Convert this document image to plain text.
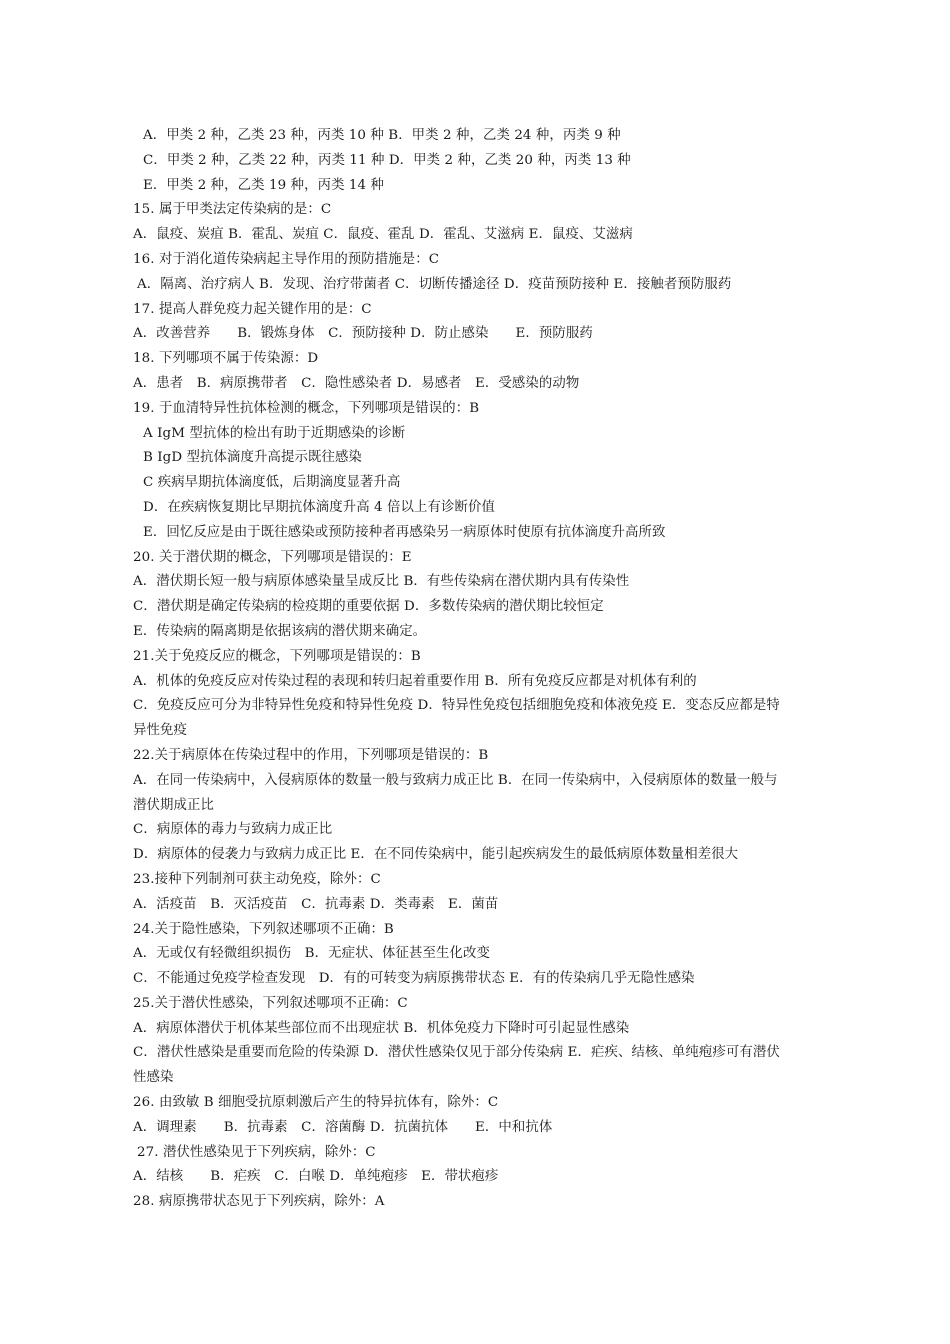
A．甲类 2 种，乙类 23 种，丙类 10 种 B．甲类 2 种，乙类 24 种，丙类 9 种
C．甲类 2 种，乙类 22 种，丙类 11 种 D．甲类 2 种，乙类 20 种，丙类 13 种
E．甲类 2 种，乙类 19 种，丙类 14 种
15. 属于甲类法定传染病的是：C
A．鼠疫、炭疽 B．霍乱、炭疽 C．鼠疫、霍乱 D．霍乱、艾滋病 E．鼠疫、艾滋病
16. 对于消化道传染病起主导作用的预防措施是：C
A．隔离、治疗病人 B．发现、治疗带菌者 C．切断传播途径 D．疫苗预防接种 E．接触者预防服药
17. 提高人群免疫力起关键作用的是：C
A．改善营养　　B．锻炼身体　C．预防接种 D．防止感染　　E．预防服药
18. 下列哪项不属于传染源：D
A．患者　B．病原携带者　C．隐性感染者 D．易感者　E．受感染的动物
19. 于血清特异性抗体检测的概念，下列哪项是错误的：B
A IgM 型抗体的检出有助于近期感染的诊断
B IgD 型抗体滴度升高提示既往感染
C 疾病早期抗体滴度低，后期滴度显著升高
D．在疾病恢复期比早期抗体滴度升高 4 倍以上有诊断价值
E．回忆反应是由于既往感染或预防接种者再感染另一病原体时使原有抗体滴度升高所致
20. 关于潜伏期的概念，下列哪项是错误的：E
A．潜伏期长短一般与病原体感染量呈成反比 B．有些传染病在潜伏期内具有传染性
C．潜伏期是确定传染病的检疫期的重要依据 D．多数传染病的潜伏期比较恒定
E．传染病的隔离期是依据该病的潜伏期来确定。
21.关于免疫反应的概念，下列哪项是错误的：B
A．机体的免疫反应对传染过程的表现和转归起着重要作用 B．所有免疫反应都是对机体有利的
C．免疫反应可分为非特异性免疫和特异性免疫 D．特异性免疫包括细胞免疫和体液免疫 E．变态反应都是特
异性免疫
22.关于病原体在传染过程中的作用，下列哪项是错误的：B
A．在同一传染病中，入侵病原体的数量一般与致病力成正比 B．在同一传染病中，入侵病原体的数量一般与
潜伏期成正比
C．病原体的毒力与致病力成正比
D．病原体的侵袭力与致病力成正比 E．在不同传染病中，能引起疾病发生的最低病原体数量相差很大
23.接种下列制剂可获主动免疫，除外：C
A．活疫苗　B．灭活疫苗　C．抗毒素 D．类毒素　E．菌苗
24.关于隐性感染，下列叙述哪项不正确：B
A．无或仅有轻微组织损伤　B．无症状、体征甚至生化改变
C．不能通过免疫学检查发现　D．有的可转变为病原携带状态 E．有的传染病几乎无隐性感染
25.关于潜伏性感染，下列叙述哪项不正确：C
A．病原体潜伏于机体某些部位而不出现症状 B．机体免疫力下降时可引起显性感染
C．潜伏性感染是重要而危险的传染源 D．潜伏性感染仅见于部分传染病 E．疟疾、结核、单纯疱疹可有潜伏
性感染
26. 由致敏 B 细胞受抗原刺激后产生的特异抗体有，除外：C
A．调理素　　B．抗毒素　C．溶菌酶 D．抗菌抗体　　E．中和抗体
27. 潜伏性感染见于下列疾病，除外：C
A．结核　　B．疟疾　C．白喉 D．单纯疱疹　E．带状疱疹
28. 病原携带状态见于下列疾病，除外：A
